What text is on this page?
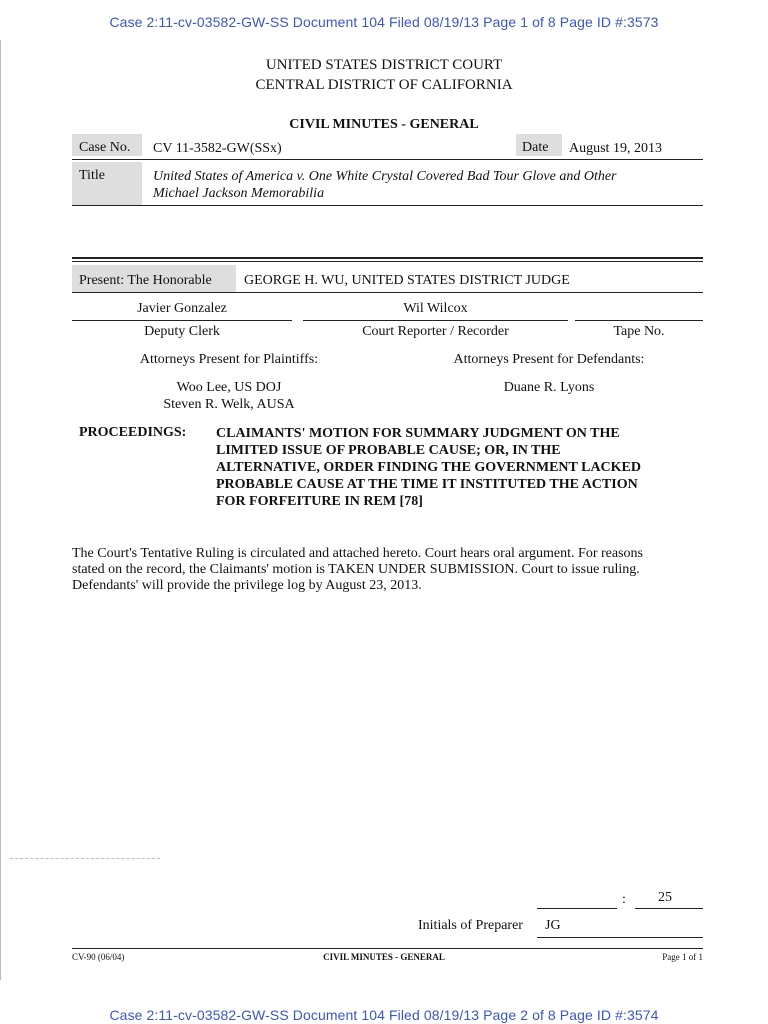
Case 2:11-cv-03582-GW-SS Document 104 Filed 08/19/13 Page 1 of 8 Page ID #:3573
UNITED STATES DISTRICT COURT
CENTRAL DISTRICT OF CALIFORNIA
CIVIL MINUTES - GENERAL
Case No.	CV 11-3582-GW(SSx)	Date	August 19, 2013
Title	United States of America v. One White Crystal Covered Bad Tour Glove and Other
Michael Jackson Memorabilia
Present: The Honorable	GEORGE H. WU, UNITED STATES DISTRICT JUDGE
Javier Gonzalez	Wil Wilcox
Deputy Clerk	Court Reporter / Recorder	Tape No.
Attorneys Present for Plaintiffs:	Attorneys Present for Defendants:
Woo Lee, US DOJ
Steven R. Welk, AUSA
Duane R. Lyons
PROCEEDINGS: CLAIMANTS' MOTION FOR SUMMARY JUDGMENT ON THE
LIMITED ISSUE OF PROBABLE CAUSE; OR, IN THE
ALTERNATIVE, ORDER FINDING THE GOVERNMENT LACKED
PROBABLE CAUSE AT THE TIME IT INSTITUTED THE ACTION
FOR FORFEITURE IN REM [78]
The Court's Tentative Ruling is circulated and attached hereto. Court hears oral argument. For reasons
stated on the record, the Claimants' motion is TAKEN UNDER SUBMISSION. Court to issue ruling.
Defendants' will provide the privilege log by August 23, 2013.
: 25
Initials of Preparer JG
CV-90 (06/04)	CIVIL MINUTES - GENERAL	Page 1 of 1
Case 2:11-cv-03582-GW-SS Document 104 Filed 08/19/13 Page 2 of 8 Page ID #:3574
